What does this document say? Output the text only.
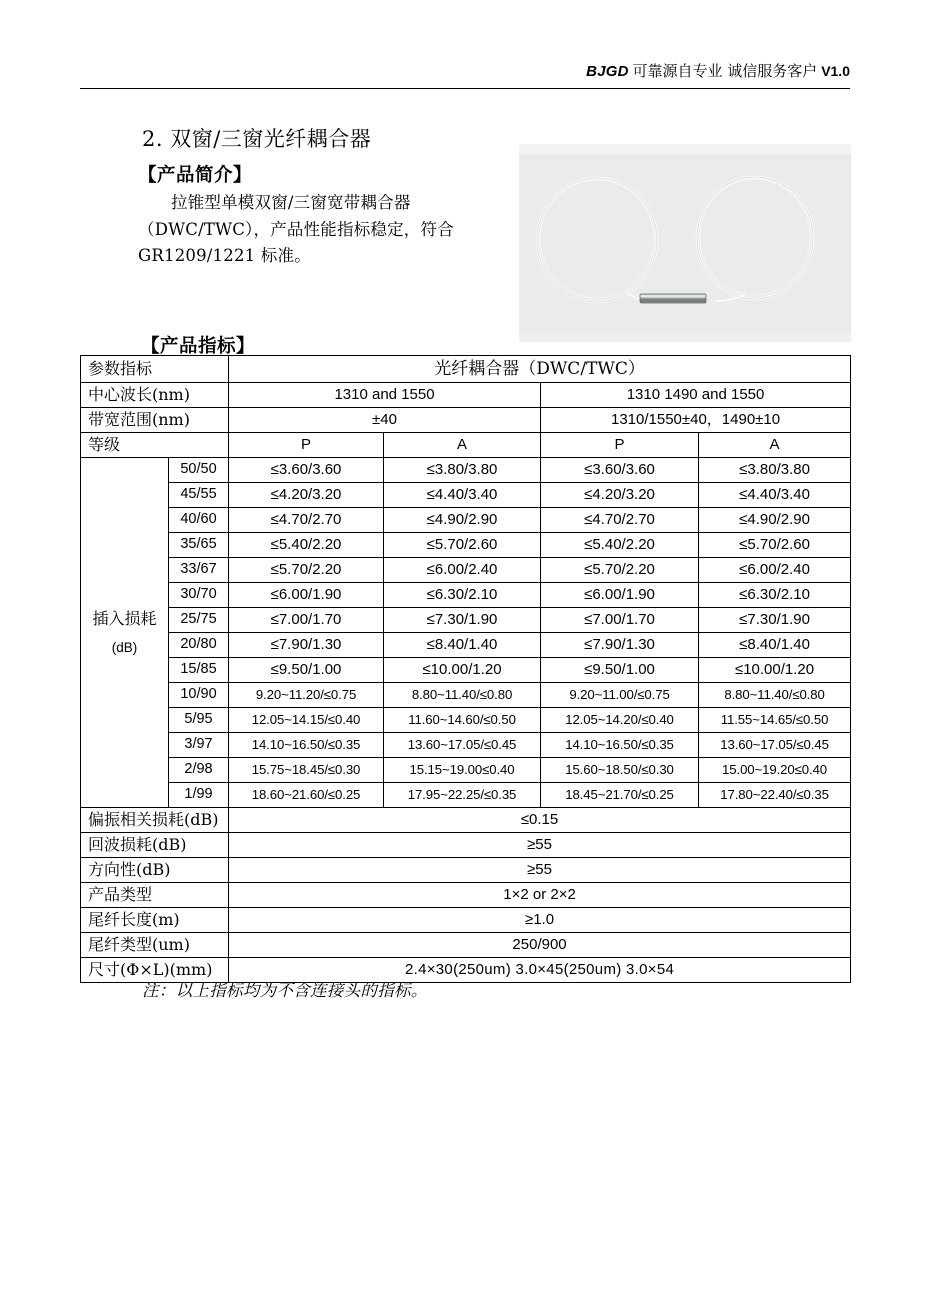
BJGD 可靠源自专业 诚信服务客户 V1.0
2. 双窗/三窗光纤耦合器
【产品简介】
拉锥型单模双窗/三窗宽带耦合器（DWC/TWC），产品性能指标稳定，符合 GR1209/1221 标准。
【产品指标】
参数指标		光纤耦合器（DWC/TWC）			
中心波长(nm)		1310 and 1550		1310 1490 and 1550	
带宽范围(nm)		±40		1310/1550±40，1490±10	
等级		P	A	P	A

插入损耗
(dB)	50/50	≤3.60/3.60	≤3.80/3.80	≤3.60/3.60	≤3.80/3.80
	45/55	≤4.20/3.20	≤4.40/3.40	≤4.20/3.20	≤4.40/3.40
	40/60	≤4.70/2.70	≤4.90/2.90	≤4.70/2.70	≤4.90/2.90
	35/65	≤5.40/2.20	≤5.70/2.60	≤5.40/2.20	≤5.70/2.60
	33/67	≤5.70/2.20	≤6.00/2.40	≤5.70/2.20	≤6.00/2.40
	30/70	≤6.00/1.90	≤6.30/2.10	≤6.00/1.90	≤6.30/2.10
	25/75	≤7.00/1.70	≤7.30/1.90	≤7.00/1.70	≤7.30/1.90
	20/80	≤7.90/1.30	≤8.40/1.40	≤7.90/1.30	≤8.40/1.40
	15/85	≤9.50/1.00	≤10.00/1.20	≤9.50/1.00	≤10.00/1.20
	10/90	9.20~11.20/≤0.75	8.80~11.40/≤0.80	9.20~11.00/≤0.75	8.80~11.40/≤0.80
	5/95	12.05~14.15/≤0.40	11.60~14.60/≤0.50	12.05~14.20/≤0.40	11.55~14.65/≤0.50
	3/97	14.10~16.50/≤0.35	13.60~17.05/≤0.45	14.10~16.50/≤0.35	13.60~17.05/≤0.45
	2/98	15.75~18.45/≤0.30	15.15~19.00≤0.40	15.60~18.50/≤0.30	15.00~19.20≤0.40
	1/99	18.60~21.60/≤0.25	17.95~22.25/≤0.35	18.45~21.70/≤0.25	17.80~22.40/≤0.35
偏振相关损耗(dB)		≤0.15			
回波损耗(dB)		≥55			
方向性(dB)		≥55			
产品类型		1×2 or 2×2			
尾纤长度(m)		≥1.0			
尾纤类型(um)		250/900			
尺寸(Φ×L)(mm)		2.4×30(250um) 3.0×45(250um) 3.0×54			
注：以上指标均为不含连接头的指标。
